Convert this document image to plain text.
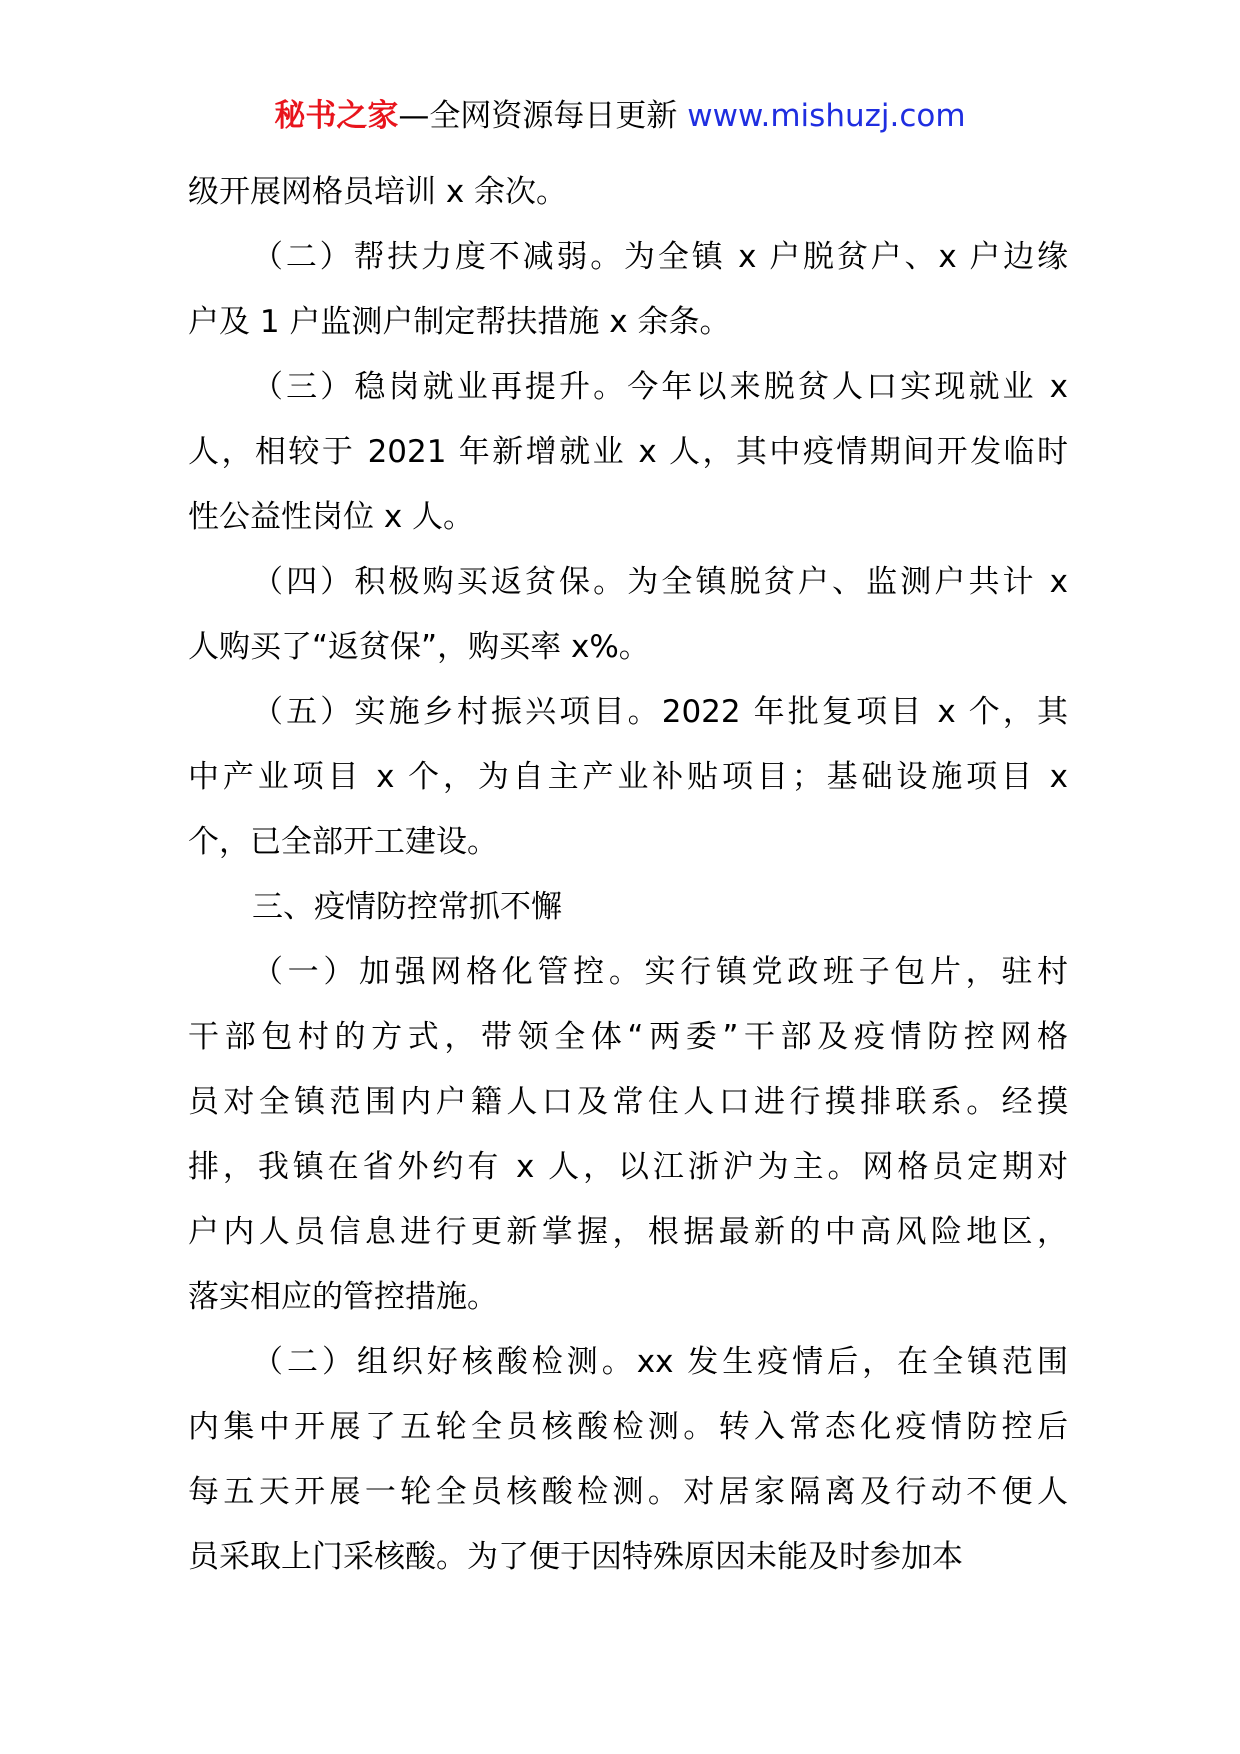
秘书之家—全网资源每日更新 www.mishuzj.com
级开展网格员培训 x 余次。
（二）帮扶力度不减弱。为全镇 x 户脱贫户、x 户边缘
户及 1 户监测户制定帮扶措施 x 余条。
（三）稳岗就业再提升。今年以来脱贫人口实现就业 x
人，相较于 2021 年新增就业 x 人，其中疫情期间开发临时
性公益性岗位 x 人。
（四）积极购买返贫保。为全镇脱贫户、监测户共计 x
人购买了“返贫保”，购买率 x%。
（五）实施乡村振兴项目。2022 年批复项目 x 个，其
中产业项目 x 个，为自主产业补贴项目；基础设施项目 x
个，已全部开工建设。
三、疫情防控常抓不懈
（一）加强网格化管控。实行镇党政班子包片，驻村
干部包村的方式，带领全体“两委”干部及疫情防控网格
员对全镇范围内户籍人口及常住人口进行摸排联系。经摸
排，我镇在省外约有 x 人，以江浙沪为主。网格员定期对
户内人员信息进行更新掌握，根据最新的中高风险地区，
落实相应的管控措施。
（二）组织好核酸检测。xx 发生疫情后，在全镇范围
内集中开展了五轮全员核酸检测。转入常态化疫情防控后
每五天开展一轮全员核酸检测。对居家隔离及行动不便人
员采取上门采核酸。为了便于因特殊原因未能及时参加本
